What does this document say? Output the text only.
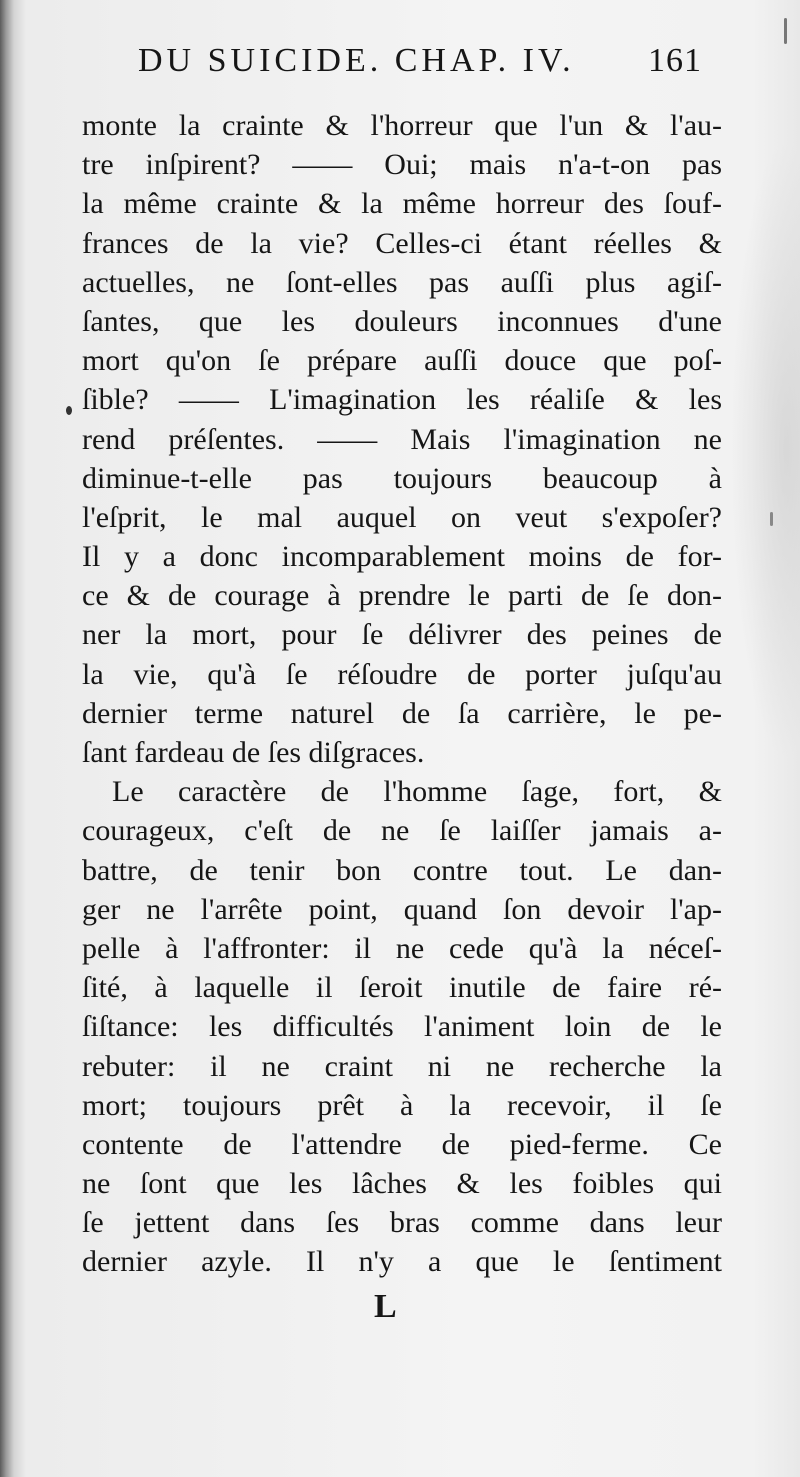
DU SUICIDE. CHAP. IV. 161
monte la crainte & l'horreur que l'un & l'au-
tre inſpirent? —— Oui; mais n'a-t-on pas
la même crainte & la même horreur des ſouf-
frances de la vie? Celles-ci étant réelles &
actuelles, ne ſont-elles pas auſſi plus agiſ-
ſantes, que les douleurs inconnues d'une
mort qu'on ſe prépare auſſi douce que poſ-
ſible? —— L'imagination les réaliſe & les
rend préſentes. —— Mais l'imagination ne
diminue-t-elle pas toujours beaucoup à
l'eſprit, le mal auquel on veut s'expoſer?
Il y a donc incomparablement moins de for-
ce & de courage à prendre le parti de ſe don-
ner la mort, pour ſe délivrer des peines de
la vie, qu'à ſe réſoudre de porter juſqu'au
dernier terme naturel de ſa carrière, le pe-
ſant fardeau de ſes diſgraces.
Le caractère de l'homme ſage, fort, &
courageux, c'eſt de ne ſe laiſſer jamais a-
battre, de tenir bon contre tout. Le dan-
ger ne l'arrête point, quand ſon devoir l'ap-
pelle à l'affronter: il ne cede qu'à la néceſ-
ſité, à laquelle il ſeroit inutile de faire ré-
ſiſtance: les difficultés l'animent loin de le
rebuter: il ne craint ni ne recherche la
mort; toujours prêt à la recevoir, il ſe
contente de l'attendre de pied-ferme. Ce
ne ſont que les lâches & les foibles qui
ſe jettent dans ſes bras comme dans leur
dernier azyle. Il n'y a que le ſentiment
L
